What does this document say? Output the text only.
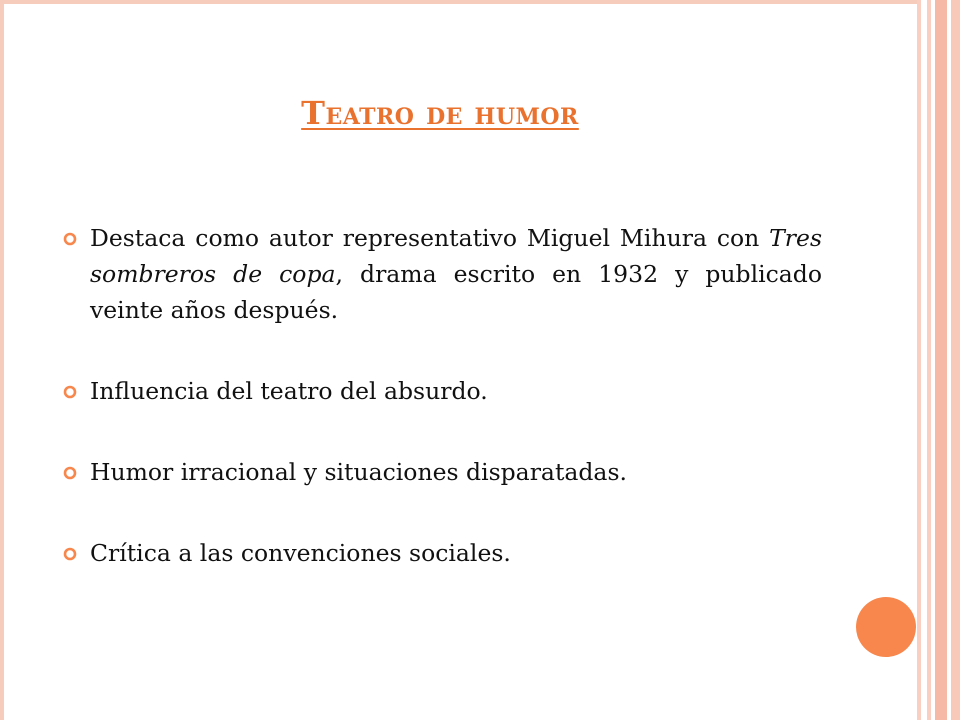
Teatro de humor
Destaca como autor representativo Miguel Mihura con Tres sombreros de copa, drama escrito en 1932 y publicado veinte años después.
Influencia del teatro del absurdo.
Humor irracional y situaciones disparatadas.
Crítica a las convenciones sociales.
